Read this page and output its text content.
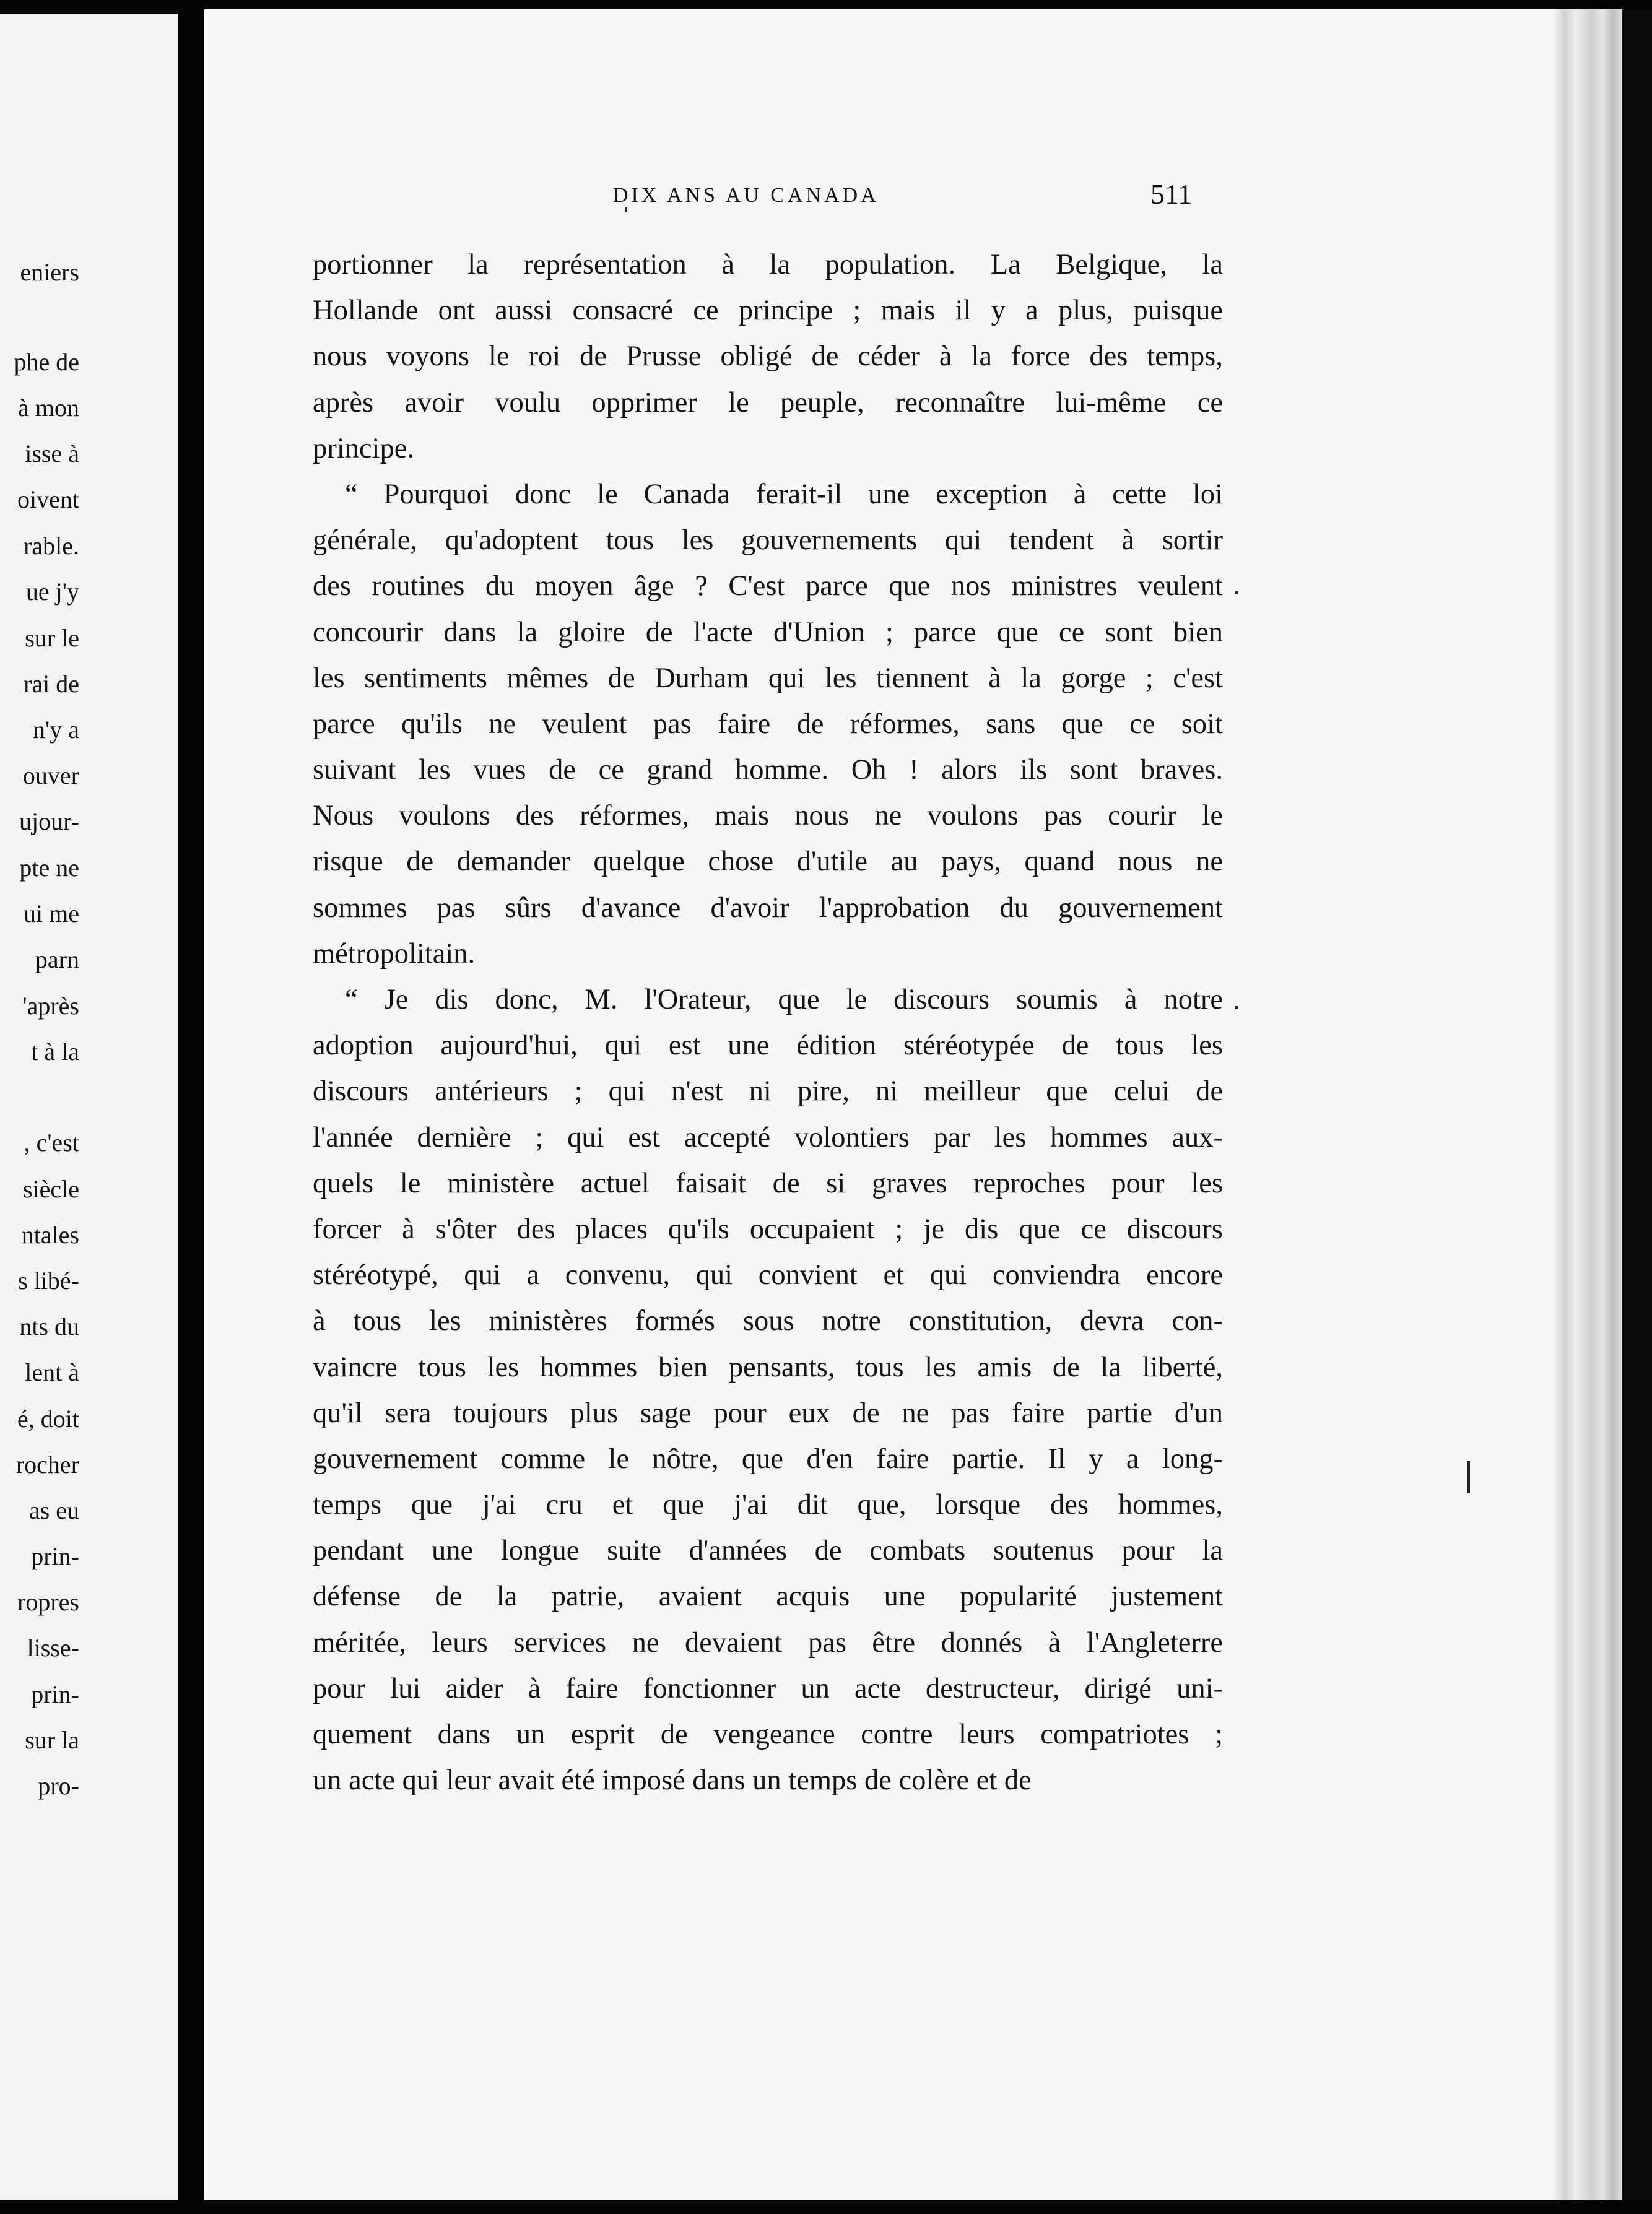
eniers
phe de
à mon
isse à
oivent
rable.
ue j'y
sur le
rai de
n'y a
ouver
ujour-
pte ne
ui me
parn
'après
t à la
, c'est
siècle
ntales
s libé-
nts du
lent à
é, doit
rocher
as eu
prin-
ropres
lisse-
prin-
sur la
pro-
DIX ANS AU CANADA	511
portionner la représentation à la population. La Belgique, la
Hollande ont aussi consacré ce principe ; mais il y a plus, puisque
nous voyons le roi de Prusse obligé de céder à la force des temps,
après avoir voulu opprimer le peuple, reconnaître lui-même ce
principe.
“ Pourquoi donc le Canada ferait-il une exception à cette loi
générale, qu'adoptent tous les gouvernements qui tendent à sortir
des routines du moyen âge ? C'est parce que nos ministres veulent
concourir dans la gloire de l'acte d'Union ; parce que ce sont bien
les sentiments mêmes de Durham qui les tiennent à la gorge ; c'est
parce qu'ils ne veulent pas faire de réformes, sans que ce soit
suivant les vues de ce grand homme. Oh ! alors ils sont braves.
Nous voulons des réformes, mais nous ne voulons pas courir le
risque de demander quelque chose d'utile au pays, quand nous ne
sommes pas sûrs d'avance d'avoir l'approbation du gouvernement
métropolitain.
“ Je dis donc, M. l'Orateur, que le discours soumis à notre
adoption aujourd'hui, qui est une édition stéréotypée de tous les
discours antérieurs ; qui n'est ni pire, ni meilleur que celui de
l'année dernière ; qui est accepté volontiers par les hommes aux-
quels le ministère actuel faisait de si graves reproches pour les
forcer à s'ôter des places qu'ils occupaient ; je dis que ce discours
stéréotypé, qui a convenu, qui convient et qui conviendra encore
à tous les ministères formés sous notre constitution, devra con-
vaincre tous les hommes bien pensants, tous les amis de la liberté,
qu'il sera toujours plus sage pour eux de ne pas faire partie d'un
gouvernement comme le nôtre, que d'en faire partie. Il y a long-
temps que j'ai cru et que j'ai dit que, lorsque des hommes,
pendant une longue suite d'années de combats soutenus pour la
défense de la patrie, avaient acquis une popularité justement
méritée, leurs services ne devaient pas être donnés à l'Angleterre
pour lui aider à faire fonctionner un acte destructeur, dirigé uni-
quement dans un esprit de vengeance contre leurs compatriotes ;
un acte qui leur avait été imposé dans un temps de colère et de
